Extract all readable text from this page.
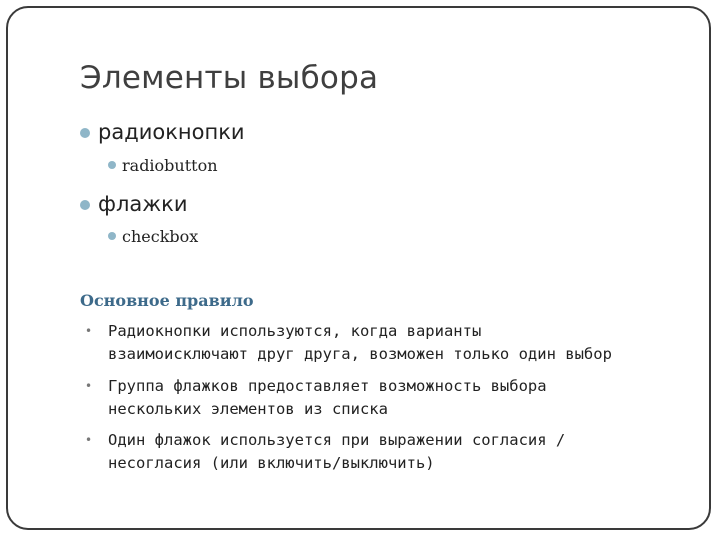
Элементы выбора
радиокнопки
radiobutton
флажки
checkbox
Основное правило
• Радиокнопки используются, когда варианты
взаимоисключают друг друга, возможен только один выбор
• Группа флажков предоставляет возможность выбора
нескольких элементов из списка
• Один флажок используется при выражении согласия /
несогласия (или включить/выключить)
